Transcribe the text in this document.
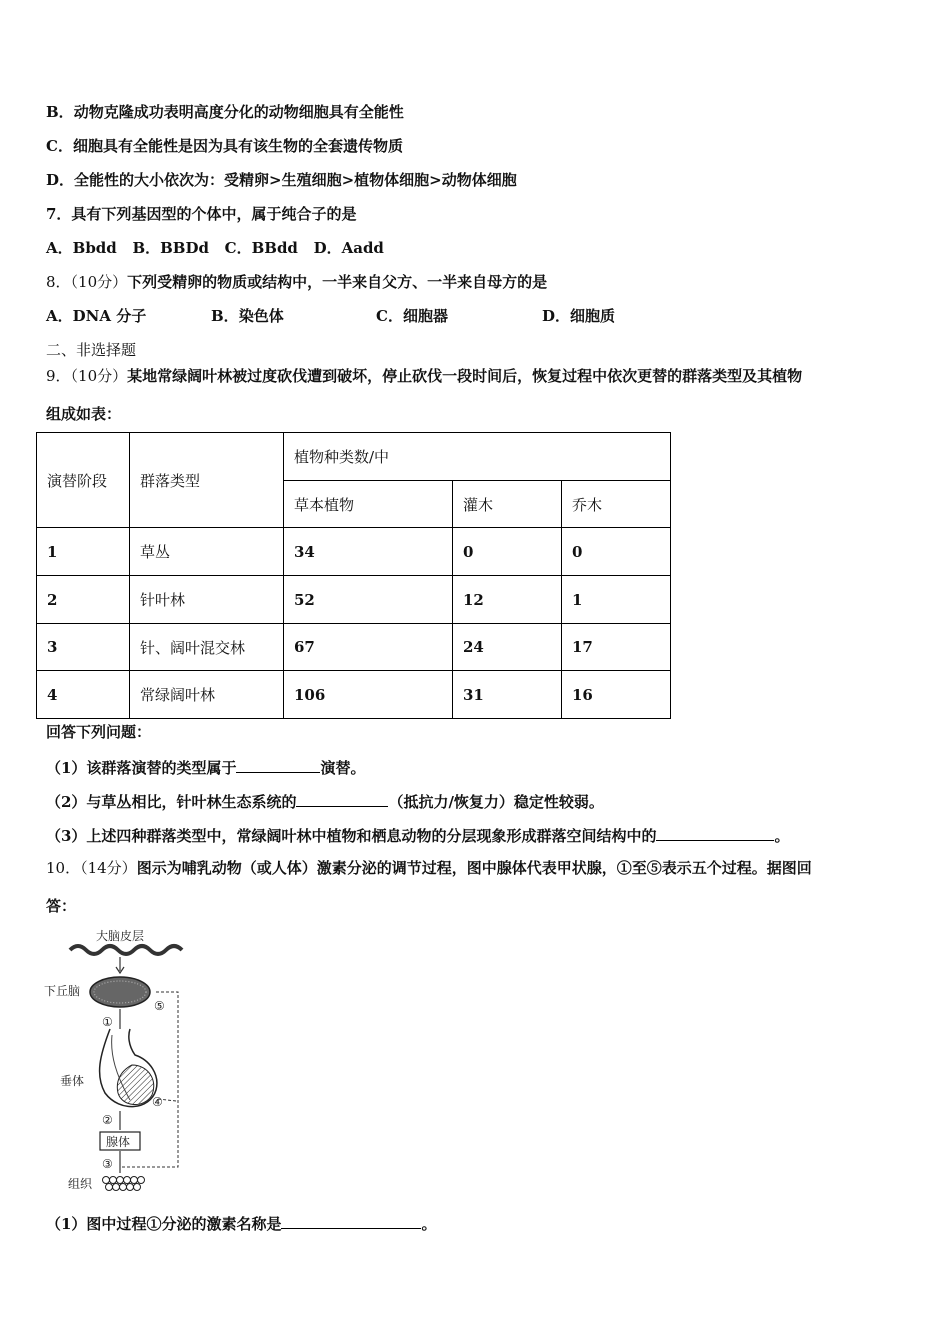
B．动物克隆成功表明高度分化的动物细胞具有全能性
C．细胞具有全能性是因为具有该生物的全套遗传物质
D．全能性的大小依次为：受精卵>生殖细胞>植物体细胞>动物体细胞
7．具有下列基因型的个体中，属于纯合子的是
A．Bbdd   B．BBDd   C．BBdd   D．Aadd
8．（10分）下列受精卵的物质或结构中，一半来自父方、一半来自母方的是
A．DNA 分子	B．染色体	C．细胞器	D．细胞质
二、非选择题
9．（10分）某地常绿阔叶林被过度砍伐遭到破坏，停止砍伐一段时间后，恢复过程中依次更替的群落类型及其植物
组成如表：
演替阶段	群落类型	植物种类数/中		
		草本植物	灌木	乔木
1	草丛	34	0	0
2	针叶林	52	12	1
3	针、阔叶混交林	67	24	17
4	常绿阔叶林	106	31	16
回答下列问题：
（1）该群落演替的类型属于	演替。
（2）与草丛相比，针叶林生态系统的	（抵抗力/恢复力）稳定性较弱。
（3）上述四种群落类型中，常绿阔叶林中植物和栖息动物的分层现象形成群落空间结构中的	。
10．（14分）图示为哺乳动物（或人体）激素分泌的调节过程，图中腺体代表甲状腺，①至⑤表示五个过程。据图回
答：
大脑皮层
下丘脑
①
垂体
④
②
腺体
③
⑤
组织
（1）图中过程①分泌的激素名称是	。
